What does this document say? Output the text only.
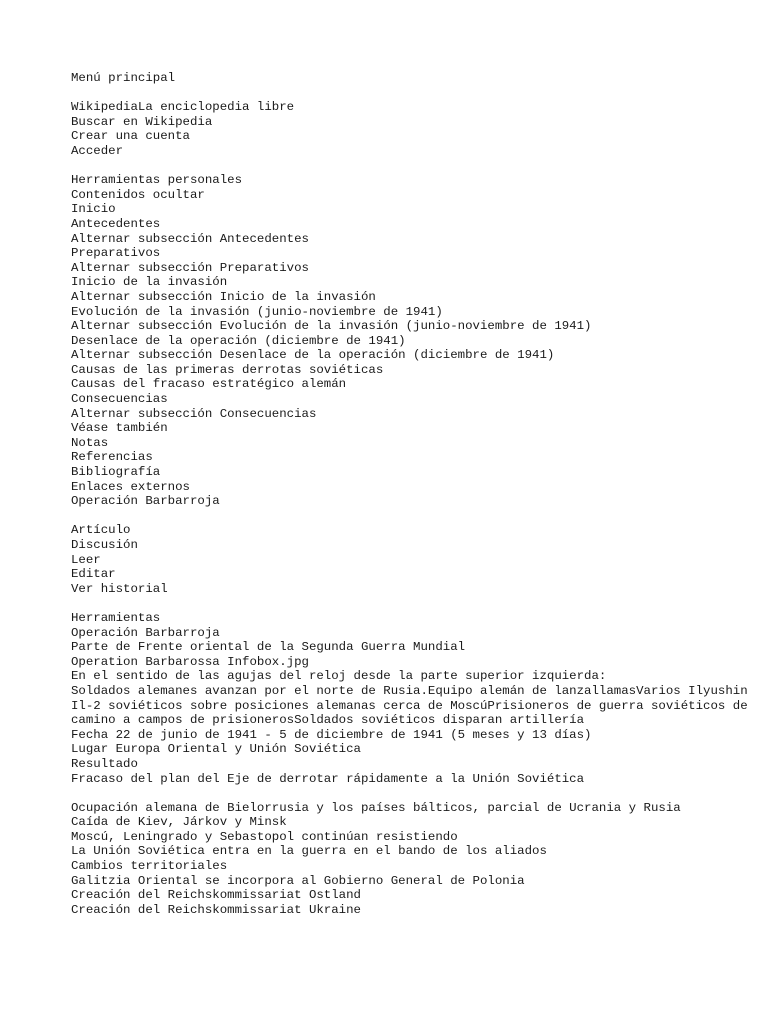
Menú principal
WikipediaLa enciclopedia libre
Buscar en Wikipedia
Crear una cuenta
Acceder
Herramientas personales
Contenidos ocultar
Inicio
Antecedentes
Alternar subsección Antecedentes
Preparativos
Alternar subsección Preparativos
Inicio de la invasión
Alternar subsección Inicio de la invasión
Evolución de la invasión (junio-noviembre de 1941)
Alternar subsección Evolución de la invasión (junio-noviembre de 1941)
Desenlace de la operación (diciembre de 1941)
Alternar subsección Desenlace de la operación (diciembre de 1941)
Causas de las primeras derrotas soviéticas
Causas del fracaso estratégico alemán
Consecuencias
Alternar subsección Consecuencias
Véase también
Notas
Referencias
Bibliografía
Enlaces externos
Operación Barbarroja
Artículo
Discusión
Leer
Editar
Ver historial
Herramientas
Operación Barbarroja
Parte de Frente oriental de la Segunda Guerra Mundial
Operation Barbarossa Infobox.jpg
En el sentido de las agujas del reloj desde la parte superior izquierda:
Soldados alemanes avanzan por el norte de Rusia.Equipo alemán de lanzallamasVarios Ilyushin Il-2 soviéticos sobre posiciones alemanas cerca de MoscúPrisioneros de guerra soviéticos de camino a campos de prisionerosSoldados soviéticos disparan artillería
Fecha 22 de junio de 1941 - 5 de diciembre de 1941 (5 meses y 13 días)
Lugar Europa Oriental y Unión Soviética
Resultado
Fracaso del plan del Eje de derrotar rápidamente a la Unión Soviética
Ocupación alemana de Bielorrusia y los países bálticos, parcial de Ucrania y Rusia
Caída de Kiev, Járkov y Minsk
Moscú, Leningrado y Sebastopol continúan resistiendo
La Unión Soviética entra en la guerra en el bando de los aliados
Cambios territoriales
Galitzia Oriental se incorpora al Gobierno General de Polonia
Creación del Reichskommissariat Ostland
Creación del Reichskommissariat Ukraine
